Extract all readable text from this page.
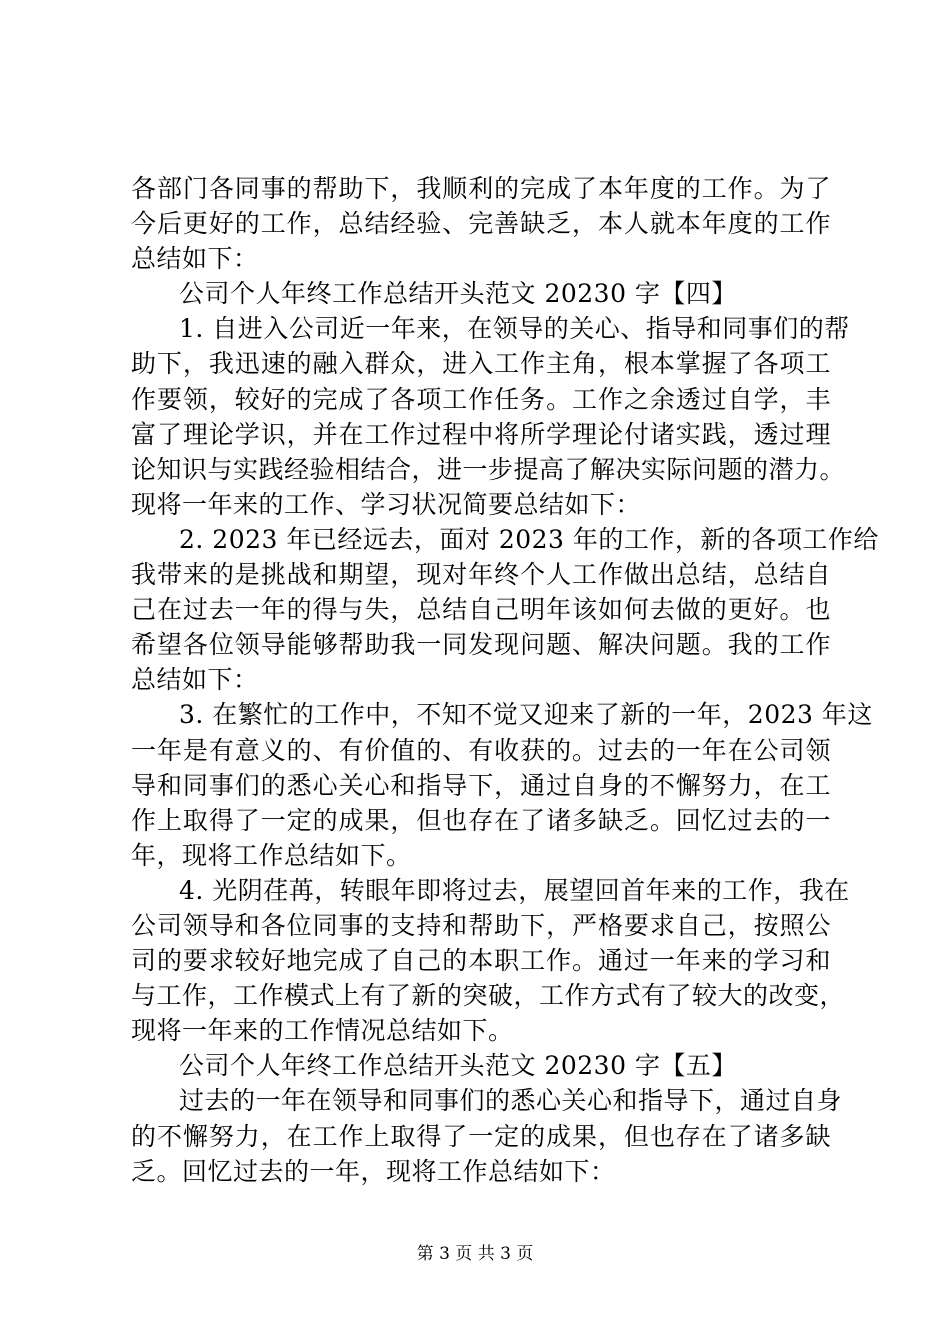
各部门各同事的帮助下，我顺利的完成了本年度的工作。为了
今后更好的工作，总结经验、完善缺乏，本人就本年度的工作
总结如下：
公司个人年终工作总结开头范文 20230 字【四】
1. 自进入公司近一年来，在领导的关心、指导和同事们的帮
助下，我迅速的融入群众，进入工作主角，根本掌握了各项工
作要领，较好的完成了各项工作任务。工作之余透过自学，丰
富了理论学识，并在工作过程中将所学理论付诸实践，透过理
论知识与实践经验相结合，进一步提高了解决实际问题的潜力。
现将一年来的工作、学习状况简要总结如下：
2. 2023 年已经远去，面对 2023 年的工作，新的各项工作给
我带来的是挑战和期望，现对年终个人工作做出总结，总结自
己在过去一年的得与失，总结自己明年该如何去做的更好。也
希望各位领导能够帮助我一同发现问题、解决问题。我的工作
总结如下：
3. 在繁忙的工作中，不知不觉又迎来了新的一年，2023 年这
一年是有意义的、有价值的、有收获的。过去的一年在公司领
导和同事们的悉心关心和指导下，通过自身的不懈努力，在工
作上取得了一定的成果，但也存在了诸多缺乏。回忆过去的一
年，现将工作总结如下。
4. 光阴荏苒，转眼年即将过去，展望回首年来的工作，我在
公司领导和各位同事的支持和帮助下，严格要求自己，按照公
司的要求较好地完成了自己的本职工作。通过一年来的学习和
与工作，工作模式上有了新的突破，工作方式有了较大的改变，
现将一年来的工作情况总结如下。
公司个人年终工作总结开头范文 20230 字【五】
过去的一年在领导和同事们的悉心关心和指导下，通过自身
的不懈努力，在工作上取得了一定的成果，但也存在了诸多缺
乏。回忆过去的一年，现将工作总结如下：
第 3 页 共 3 页
